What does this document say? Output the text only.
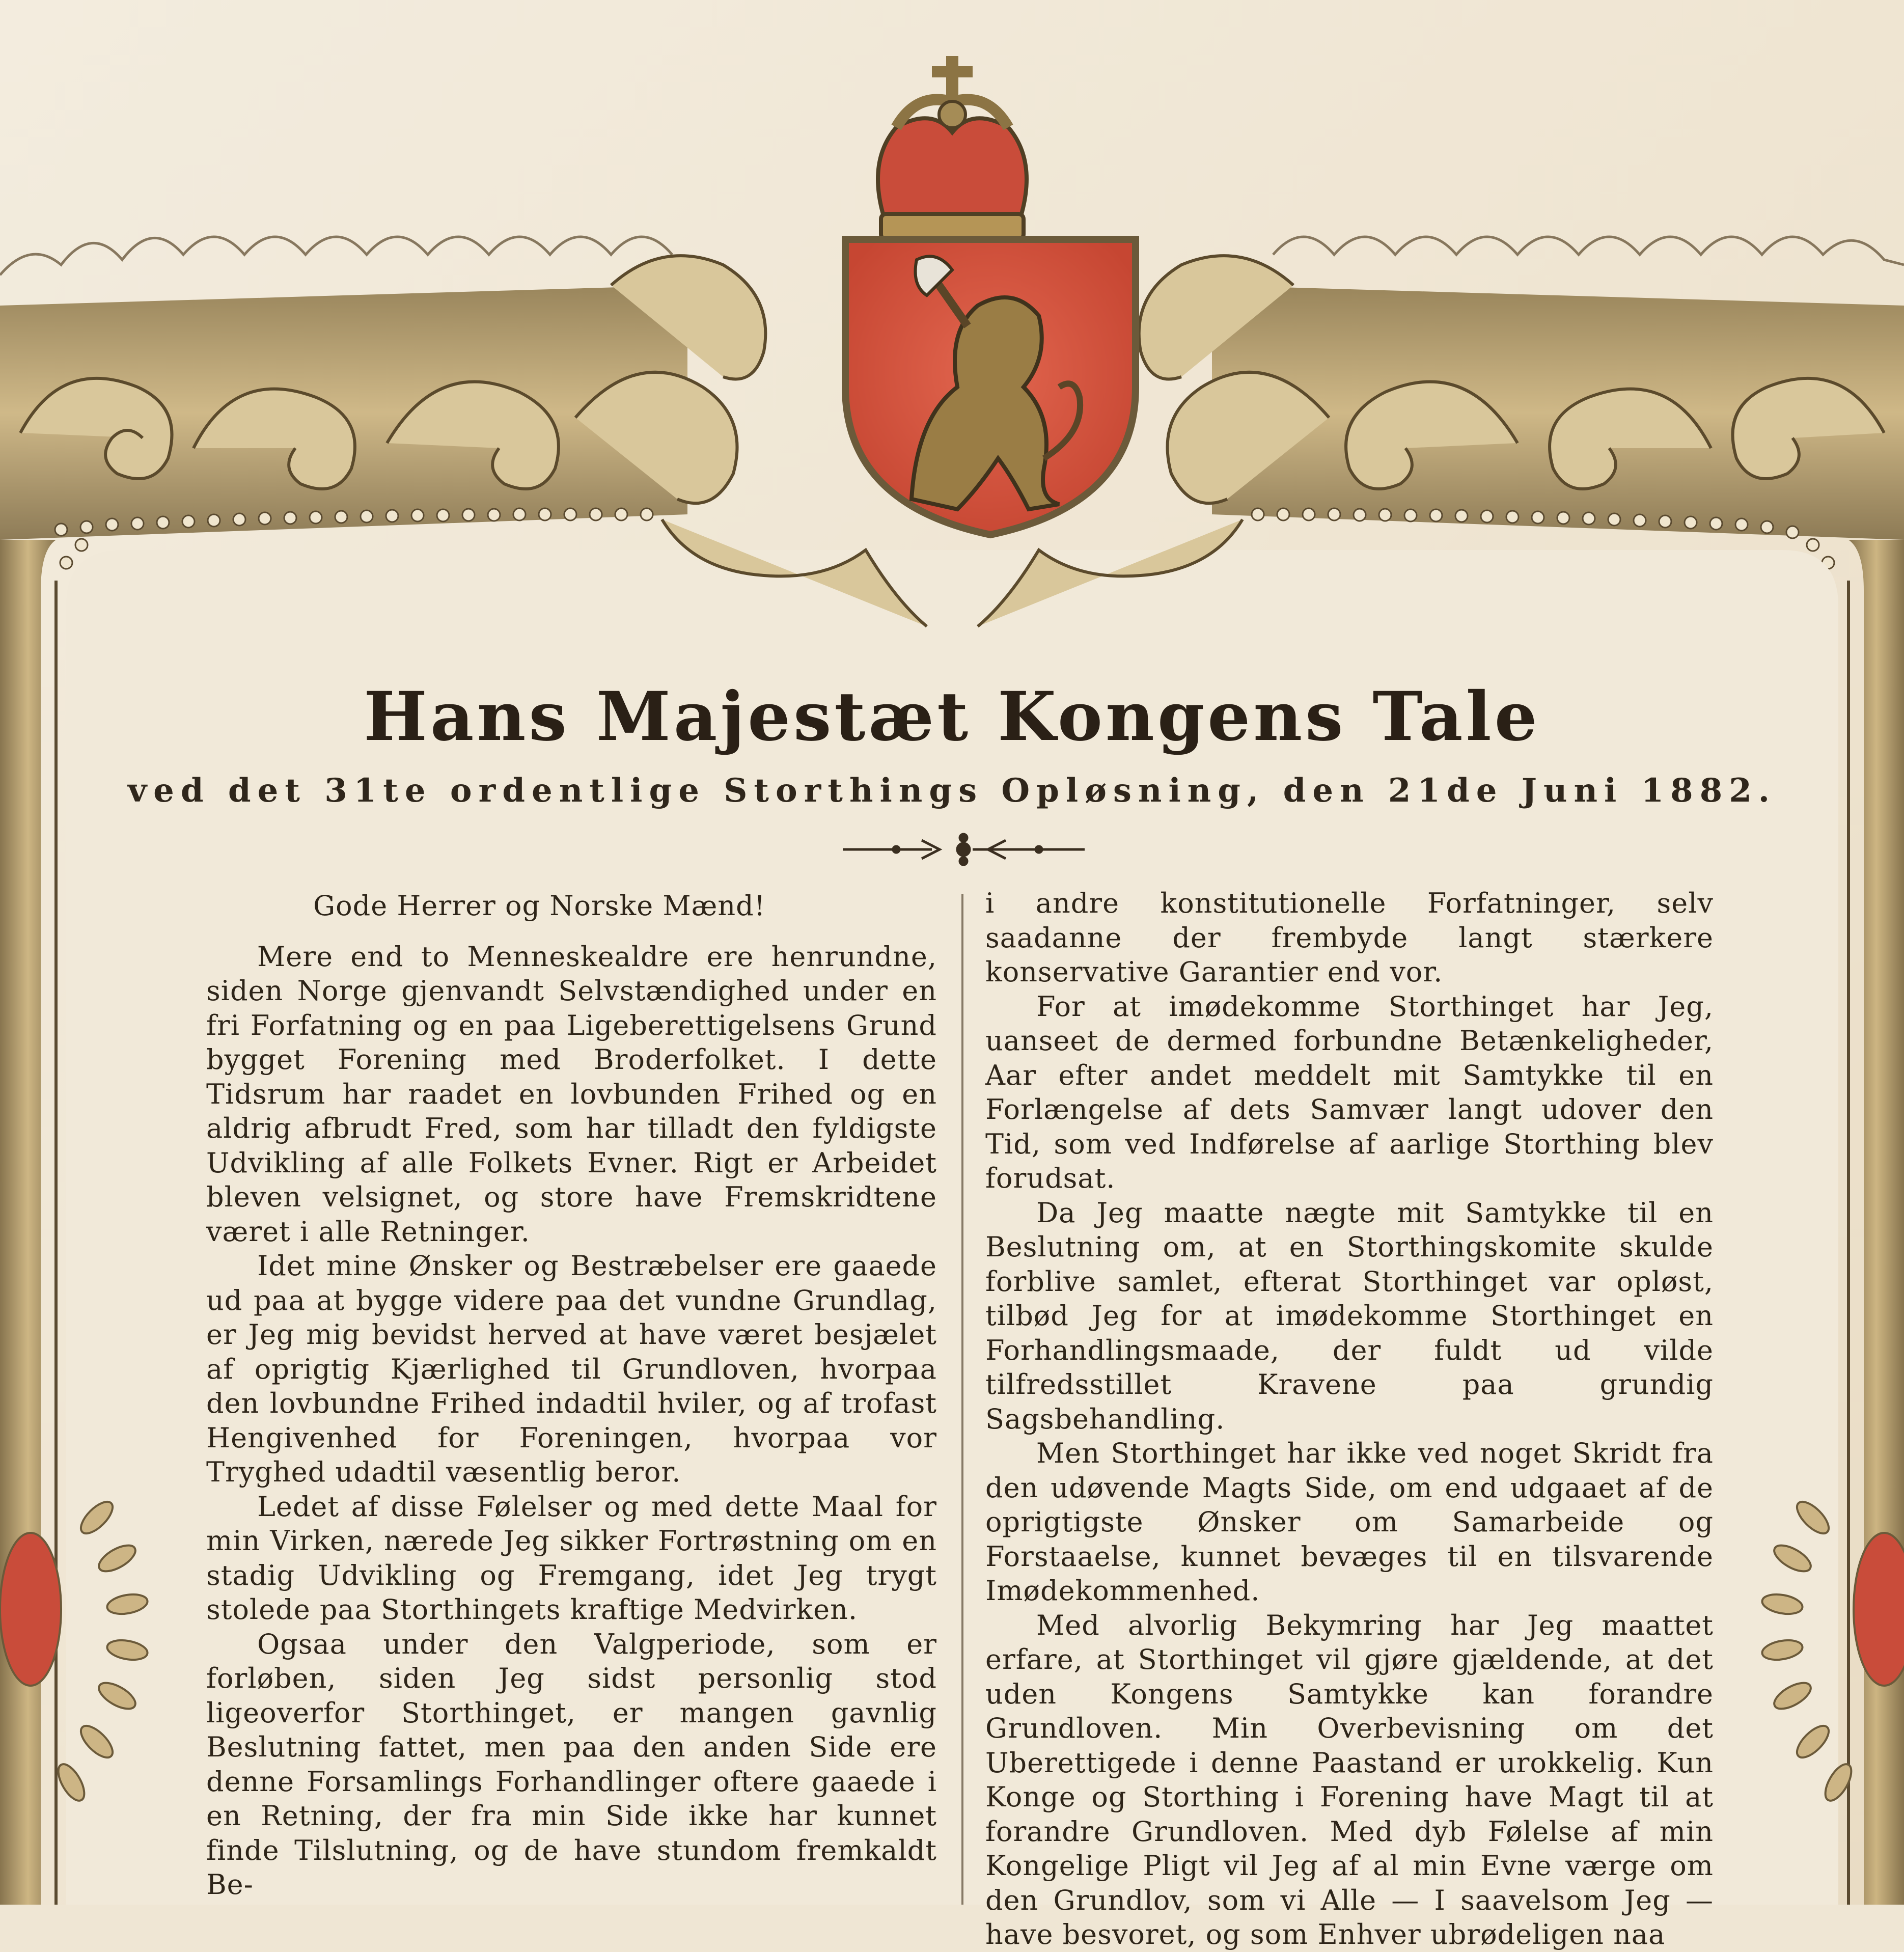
Hans Majestæt Kongens Tale
ved det 31te ordentlige Storthings Opløsning, den 21de Juni 1882.

Gode Herrer og Norske Mænd!

Mere end to Menneskealdre ere henrundne, siden Norge gjenvandt Selvstændighed under en fri Forfatning og en paa Ligeberettigelsens Grund bygget Forening med Broderfolket. I dette Tidsrum har raadet en lovbunden Frihed og en aldrig afbrudt Fred, som har tilladt den fyldigste Udvikling af alle Folkets Evner. Rigt er Arbeidet bleven velsignet, og store have Fremskridtene været i alle Retninger.

Idet mine Ønsker og Bestræbelser ere gaaede ud paa at bygge videre paa det vundne Grundlag, er Jeg mig bevidst herved at have været besjælet af oprigtig Kjærlighed til Grundloven, hvorpaa den lovbundne Frihed indadtil hviler, og af trofast Hengivenhed for Foreningen, hvorpaa vor Tryghed udadtil væsentlig beror.

Ledet af disse Følelser og med dette Maal for min Virken, nærede Jeg sikker Fortrøstning om en stadig Udvikling og Fremgang, idet Jeg trygt stolede paa Storthingets kraftige Medvirken.

Ogsaa under den Valgperiode, som er forløben, siden Jeg sidst personlig stod ligeoverfor Storthinget, er mangen gavnlig Beslutning fattet, men paa den anden Side ere denne Forsamlings Forhandlinger oftere gaaede i en Retning, der fra min Side ikke har kunnet finde Tilslutning, og de have stundom fremkaldt Be-

i andre konstitutionelle Forfatninger, selv saadanne der frembyde langt stærkere konservative Garantier end vor.

For at imødekomme Storthinget har Jeg, uanseet de dermed forbundne Betænkeligheder, Aar efter andet meddelt mit Samtykke til en Forlængelse af dets Samvær langt udover den Tid, som ved Indførelse af aarlige Storthing blev forudsat.

Da Jeg maatte nægte mit Samtykke til en Beslutning om, at en Storthingskomite skulde forblive samlet, efterat Storthinget var opløst, tilbød Jeg for at imødekomme Storthinget en Forhandlingsmaade, der fuldt ud vilde tilfredsstillet Kravene paa grundig Sagsbehandling.

Men Storthinget har ikke ved noget Skridt fra den udøvende Magts Side, om end udgaaet af de oprigtigste Ønsker om Samarbeide og Forstaaelse, kunnet bevæges til en tilsvarende Imødekommenhed.

Med alvorlig Bekymring har Jeg maattet erfare, at Storthinget vil gjøre gjældende, at det uden Kongens Samtykke kan forandre Grundloven. Min Overbevisning om det Uberettigede i denne Paastand er urokkelig. Kun Konge og Storthing i Forening have Magt til at forandre Grundloven. Med dyb Følelse af min Kongelige Pligt vil Jeg af al min Evne værge om den Grundlov, som vi Alle — I saavelsom Jeg — have besvoret, og som Enhver ubrødeligen naa
